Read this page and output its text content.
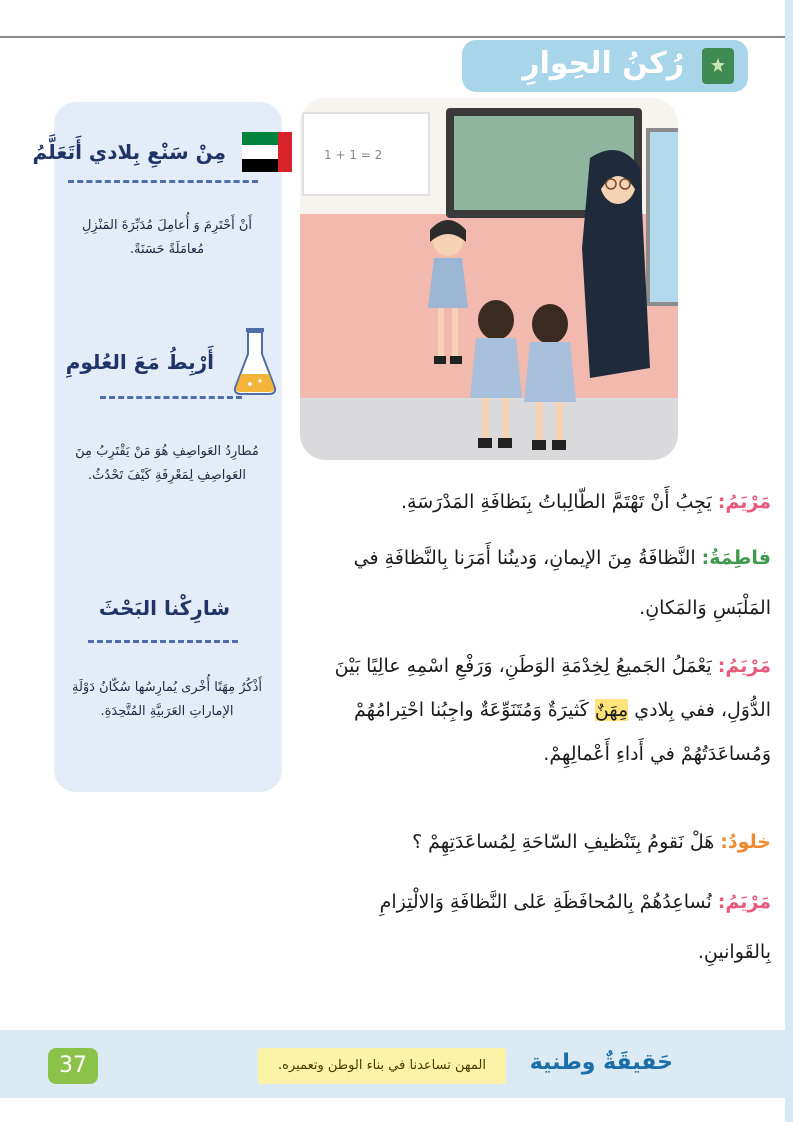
رُكنُ الحِوارِ
مِنْ سَنْعِ بِلادي أَتَعَلَّمُ
أَنْ أَحْتَرِمَ وَ أُعامِلَ مُدَبِّرَةَ المَنْزِلِ مُعامَلَةً حَسَنَةً.
أَرْبِطُ مَعَ العُلومِ
مُطارِدُ العَواصِفِ هُوَ مَنْ يَقْتَرِبُ مِنَ العَواصِفِ لِمَعْرِفَةِ كَيْفَ تَحْدُثُ.
شارِكْنا البَحْثَ
أَذْكُرُ مِهَنًا أُخْرى يُمارِسُها سُكّانُ دَوْلَةِ الإماراتِ العَرَبيَّةِ المُتَّحِدَةِ.
1 + 1 = 2
مَرْيَمُ: يَجِبُ أَنْ تَهْتَمَّ الطّالِباتُ بِنَظافَةِ المَدْرَسَةِ.
فاطِمَةُ: النَّظافَةُ مِنَ الإيمانِ، وَدينُنا أَمَرَنا بِالنَّظافَةِ في
المَلْبَسِ وَالمَكانِ.
مَرْيَمُ: يَعْمَلُ الجَميعُ لِخِدْمَةِ الوَطَنِ، وَرَفْعِ اسْمِهِ عالِيًا بَيْنَ
الدُّوَلِ، ففي بِلادي مِهَنٌ كَثيرَةٌ وَمُتَنَوِّعَةٌ واجِبُنا احْتِرامُهُمْ
وَمُساعَدَتُهُمْ في أَداءِ أَعْمالِهِمْ.
خلودُ: هَلْ نَقومُ بِتَنْظيفِ السّاحَةِ لِمُساعَدَتِهِمْ ؟
مَرْيَمُ: نُساعِدُهُمْ بِالمُحافَظَةِ عَلى النَّظافَةِ وَالالْتِزامِ
بِالقَوانينِ.
37	المهن تساعدنا في بناء الوطن وتعميره.	حَقيقَةٌ وطنية
